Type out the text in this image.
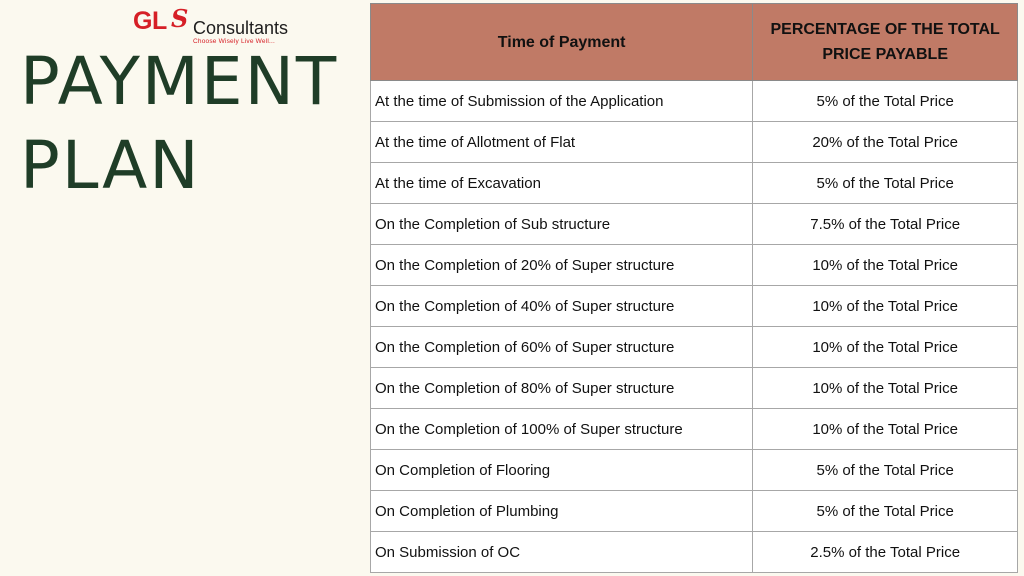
GL S Consultants
Choose Wisely Live Well...
PAYMENT
PLAN
Time of Payment	PERCENTAGE OF THE TOTAL PRICE PAYABLE
At the time of Submission of the Application	5% of the Total Price
At the time of Allotment of Flat	20% of the Total Price
At the time of Excavation	5% of the Total Price
On the Completion of Sub structure	7.5% of the Total Price
On the Completion of 20% of Super structure	10% of the Total Price
On the Completion of 40% of Super structure	10% of the Total Price
On the Completion of 60% of Super structure	10% of the Total Price
On the Completion of 80% of Super structure	10% of the Total Price
On the Completion of 100% of Super structure	10% of the Total Price
On Completion of Flooring	5% of the Total Price
On Completion of Plumbing	5% of the Total Price
On Submission of OC	2.5% of the Total Price
